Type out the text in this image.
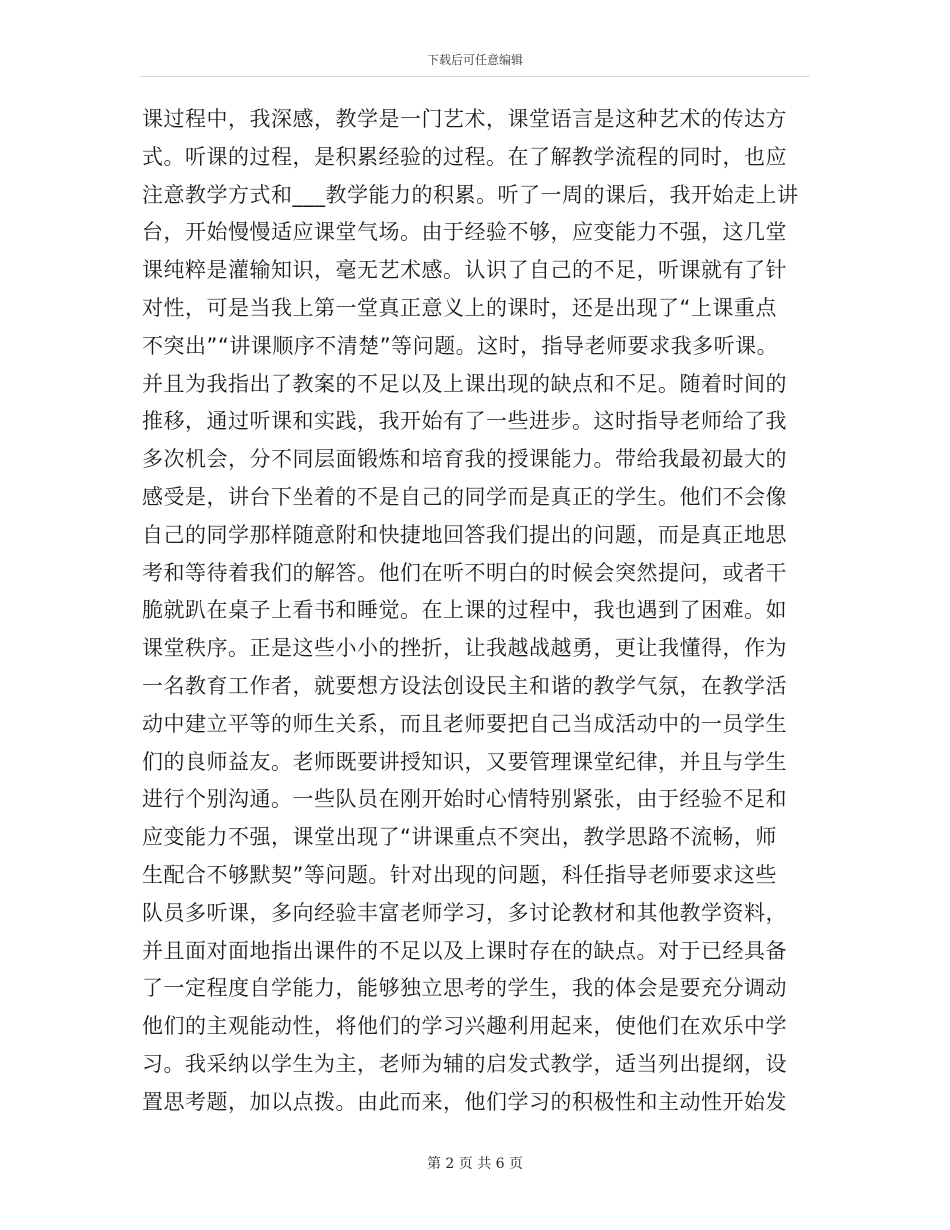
下载后可任意编辑
课过程中，我深感，教学是一门艺术，课堂语言是这种艺术的传达方
式。听课的过程，是积累经验的过程。在了解教学流程的同时，也应
注意教学方式和___教学能力的积累。听了一周的课后，我开始走上讲
台，开始慢慢适应课堂气场。由于经验不够，应变能力不强，这几堂
课纯粹是灌输知识，毫无艺术感。认识了自己的不足，听课就有了针
对性，可是当我上第一堂真正意义上的课时，还是出现了“上课重点
不突出”“讲课顺序不清楚”等问题。这时，指导老师要求我多听课。
并且为我指出了教案的不足以及上课出现的缺点和不足。随着时间的
推移，通过听课和实践，我开始有了一些进步。这时指导老师给了我
多次机会，分不同层面锻炼和培育我的授课能力。带给我最初最大的
感受是，讲台下坐着的不是自己的同学而是真正的学生。他们不会像
自己的同学那样随意附和快捷地回答我们提出的问题，而是真正地思
考和等待着我们的解答。他们在听不明白的时候会突然提问，或者干
脆就趴在桌子上看书和睡觉。在上课的过程中，我也遇到了困难。如
课堂秩序。正是这些小小的挫折，让我越战越勇，更让我懂得，作为
一名教育工作者，就要想方设法创设民主和谐的教学气氛，在教学活
动中建立平等的师生关系，而且老师要把自己当成活动中的一员学生
们的良师益友。老师既要讲授知识，又要管理课堂纪律，并且与学生
进行个别沟通。一些队员在刚开始时心情特别紧张，由于经验不足和
应变能力不强，课堂出现了“讲课重点不突出，教学思路不流畅，师
生配合不够默契”等问题。针对出现的问题，科任指导老师要求这些
队员多听课，多向经验丰富老师学习，多讨论教材和其他教学资料，
并且面对面地指出课件的不足以及上课时存在的缺点。对于已经具备
了一定程度自学能力，能够独立思考的学生，我的体会是要充分调动
他们的主观能动性，将他们的学习兴趣利用起来，使他们在欢乐中学
习。我采纳以学生为主，老师为辅的启发式教学，适当列出提纲，设
置思考题，加以点拨。由此而来，他们学习的积极性和主动性开始发
第 2 页 共 6 页
